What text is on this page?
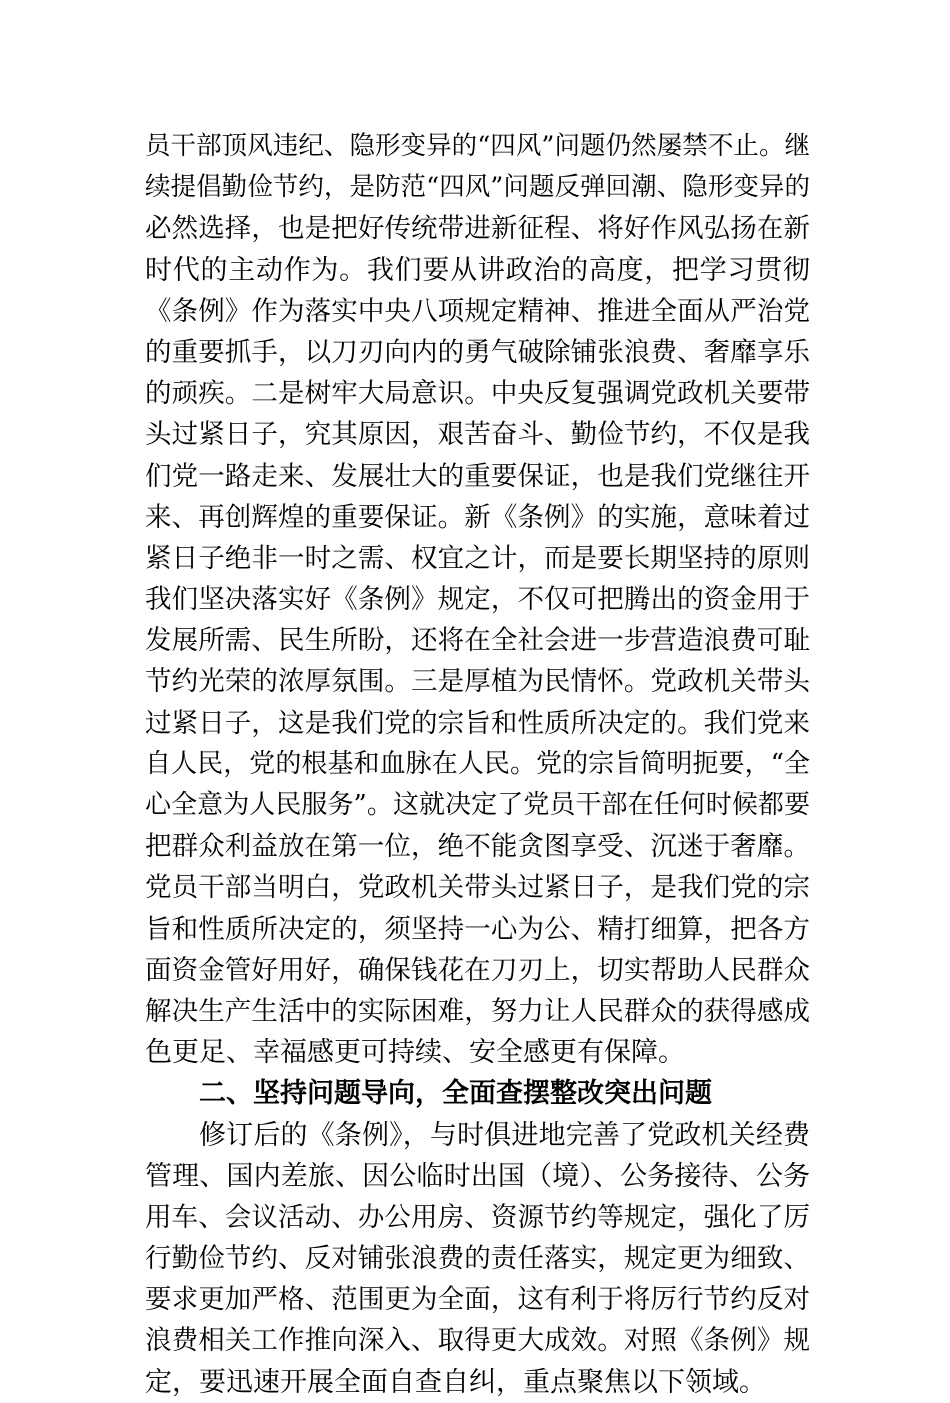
员干部顶风违纪、隐形变异的“四风”问题仍然屡禁不止。继
续提倡勤俭节约，是防范“四风”问题反弹回潮、隐形变异的
必然选择，也是把好传统带进新征程、将好作风弘扬在新
时代的主动作为。我们要从讲政治的高度，把学习贯彻
《条例》作为落实中央八项规定精神、推进全面从严治党
的重要抓手，以刀刃向内的勇气破除铺张浪费、奢靡享乐
的顽疾。二是树牢大局意识。中央反复强调党政机关要带
头过紧日子，究其原因，艰苦奋斗、勤俭节约，不仅是我
们党一路走来、发展壮大的重要保证，也是我们党继往开
来、再创辉煌的重要保证。新《条例》的实施，意味着过
紧日子绝非一时之需、权宜之计，而是要长期坚持的原则
我们坚决落实好《条例》规定，不仅可把腾出的资金用于
发展所需、民生所盼，还将在全社会进一步营造浪费可耻
节约光荣的浓厚氛围。三是厚植为民情怀。党政机关带头
过紧日子，这是我们党的宗旨和性质所决定的。我们党来
自人民，党的根基和血脉在人民。党的宗旨简明扼要，“全
心全意为人民服务”。这就决定了党员干部在任何时候都要
把群众利益放在第一位，绝不能贪图享受、沉迷于奢靡。
党员干部当明白，党政机关带头过紧日子，是我们党的宗
旨和性质所决定的，须坚持一心为公、精打细算，把各方
面资金管好用好，确保钱花在刀刃上，切实帮助人民群众
解决生产生活中的实际困难，努力让人民群众的获得感成
色更足、幸福感更可持续、安全感更有保障。
二、坚持问题导向，全面查摆整改突出问题
修订后的《条例》，与时俱进地完善了党政机关经费
管理、国内差旅、因公临时出国（境）、公务接待、公务
用车、会议活动、办公用房、资源节约等规定，强化了厉
行勤俭节约、反对铺张浪费的责任落实，规定更为细致、
要求更加严格、范围更为全面，这有利于将厉行节约反对
浪费相关工作推向深入、取得更大成效。对照《条例》规
定，要迅速开展全面自查自纠，重点聚焦以下领域。
